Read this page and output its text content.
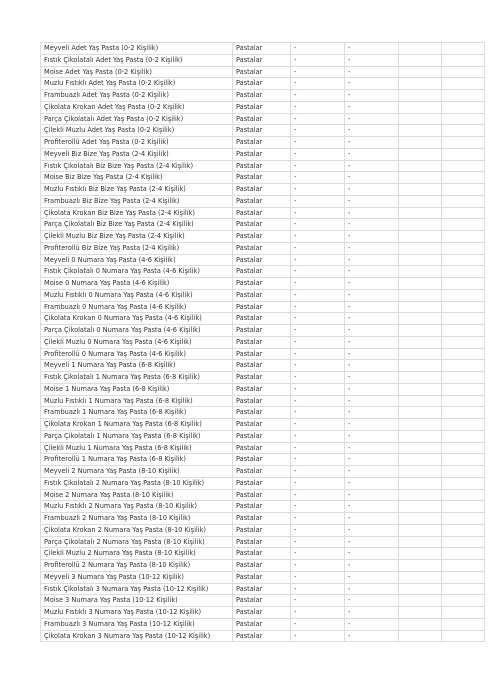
Meyveli Adet Yaş Pasta (0-2 Kişilik)	Pastalar	-	-		
Fıstık Çikolatalı Adet Yaş Pasta (0-2 Kişilik)	Pastalar	-	-		
Moise Adet Yaş Pasta (0-2 Kişilik)	Pastalar	-	-		
Muzlu Fıstıklı Adet Yaş Pasta (0-2 Kişilik)	Pastalar	-	-		
Frambuazlı Adet Yaş Pasta (0-2 Kişilik)	Pastalar	-	-		
Çikolata Krokan Adet Yaş Pasta (0-2 Kişilik)	Pastalar	-	-		
Parça Çikolatalı Adet Yaş Pasta (0-2 Kişilik)	Pastalar	-	-		
Çilekli Muzlu Adet Yaş Pasta (0-2 Kişilik)	Pastalar	-	-		
Profiterollü Adet Yaş Pasta (0-2 Kişilik)	Pastalar	-	-		
Meyveli Biz Bize Yaş Pasta (2-4 Kişilik)	Pastalar	-	-		
Fıstık Çikolatalı Biz Bize Yaş Pasta (2-4 Kişilik)	Pastalar	-	-		
Moise Biz Bize Yaş Pasta (2-4 Kişilik)	Pastalar	-	-		
Muzlu Fıstıklı Biz Bize Yaş Pasta (2-4 Kişilik)	Pastalar	-	-		
Frambuazlı Biz Bize Yaş Pasta (2-4 Kişilik)	Pastalar	-	-		
Çikolata Krokan Biz Bize Yaş Pasta (2-4 Kişilik)	Pastalar	-	-		
Parça Çikolatalı Biz Bize Yaş Pasta (2-4 Kişilik)	Pastalar	-	-		
Çilekli Muzlu Biz Bize Yaş Pasta (2-4 Kişilik)	Pastalar	-	-		
Profiterollü Biz Bize Yaş Pasta (2-4 Kişilik)	Pastalar	-	-		
Meyveli 0 Numara Yaş Pasta (4-6 Kişilik)	Pastalar	-	-		
Fıstık Çikolatalı 0 Numara Yaş Pasta (4-6 Kişilik)	Pastalar	-	-		
Moise 0 Numara Yaş Pasta (4-6 Kişilik)	Pastalar	-	-		
Muzlu Fıstıklı 0 Numara Yaş Pasta (4-6 Kişilik)	Pastalar	-	-		
Frambuazlı 0 Numara Yaş Pasta (4-6 Kişilik)	Pastalar	-	-		
Çikolata Krokan 0 Numara Yaş Pasta (4-6 Kişilik)	Pastalar	-	-		
Parça Çikolatalı 0 Numara Yaş Pasta (4-6 Kişilik)	Pastalar	-	-		
Çilekli Muzlu 0 Numara Yaş Pasta (4-6 Kişilik)	Pastalar	-	-		
Profiterollü 0 Numara Yaş Pasta (4-6 Kişilik)	Pastalar	-	-		
Meyveli 1 Numara Yaş Pasta (6-8 Kişilik)	Pastalar	-	-		
Fıstık Çikolatalı 1 Numara Yaş Pasta (6-8 Kişilik)	Pastalar	-	-		
Moise 1 Numara Yaş Pasta (6-8 Kişilik)	Pastalar	-	-		
Muzlu Fıstıklı 1 Numara Yaş Pasta (6-8 Kişilik)	Pastalar	-	-		
Frambuazlı 1 Numara Yaş Pasta (6-8 Kişilik)	Pastalar	-	-		
Çikolata Krokan 1 Numara Yaş Pasta (6-8 Kişilik)	Pastalar	-	-		
Parça Çikolatalı 1 Numara Yaş Pasta (6-8 Kişilik)	Pastalar	-	-		
Çilekli Muzlu 1 Numara Yaş Pasta (6-8 Kişilik)	Pastalar	-	-		
Profiterollü 1 Numara Yaş Pasta (6-8 Kişilik)	Pastalar	-	-		
Meyveli 2 Numara Yaş Pasta (8-10 Kişilik)	Pastalar	-	-		
Fıstık Çikolatalı 2 Numara Yaş Pasta (8-10 Kişilik)	Pastalar	-	-		
Moise 2 Numara Yaş Pasta (8-10 Kişilik)	Pastalar	-	-		
Muzlu Fıstıklı 2 Numara Yaş Pasta (8-10 Kişilik)	Pastalar	-	-		
Frambuazlı 2 Numara Yaş Pasta (8-10 Kişilik)	Pastalar	-	-		
Çikolata Krokan 2 Numara Yaş Pasta (8-10 Kişilik)	Pastalar	-	-		
Parça Çikolatalı 2 Numara Yaş Pasta (8-10 Kişilik)	Pastalar	-	-		
Çilekli Muzlu 2 Numara Yaş Pasta (8-10 Kişilik)	Pastalar	-	-		
Profiterollü 2 Numara Yaş Pasta (8-10 Kişilik)	Pastalar	-	-		
Meyveli 3 Numara Yaş Pasta (10-12 Kişilik)	Pastalar	-	-		
Fıstık Çikolatalı 3 Numara Yaş Pasta (10-12 Kişilik)	Pastalar	-	-		
Moise 3 Numara Yaş Pasta (10-12 Kişilik)	Pastalar	-	-		
Muzlu Fıstıklı 3 Numara Yaş Pasta (10-12 Kişilik)	Pastalar	-	-		
Frambuazlı 3 Numara Yaş Pasta (10-12 Kişilik)	Pastalar	-	-		
Çikolata Krokan 3 Numara Yaş Pasta (10-12 Kişilik)	Pastalar	-	-		
